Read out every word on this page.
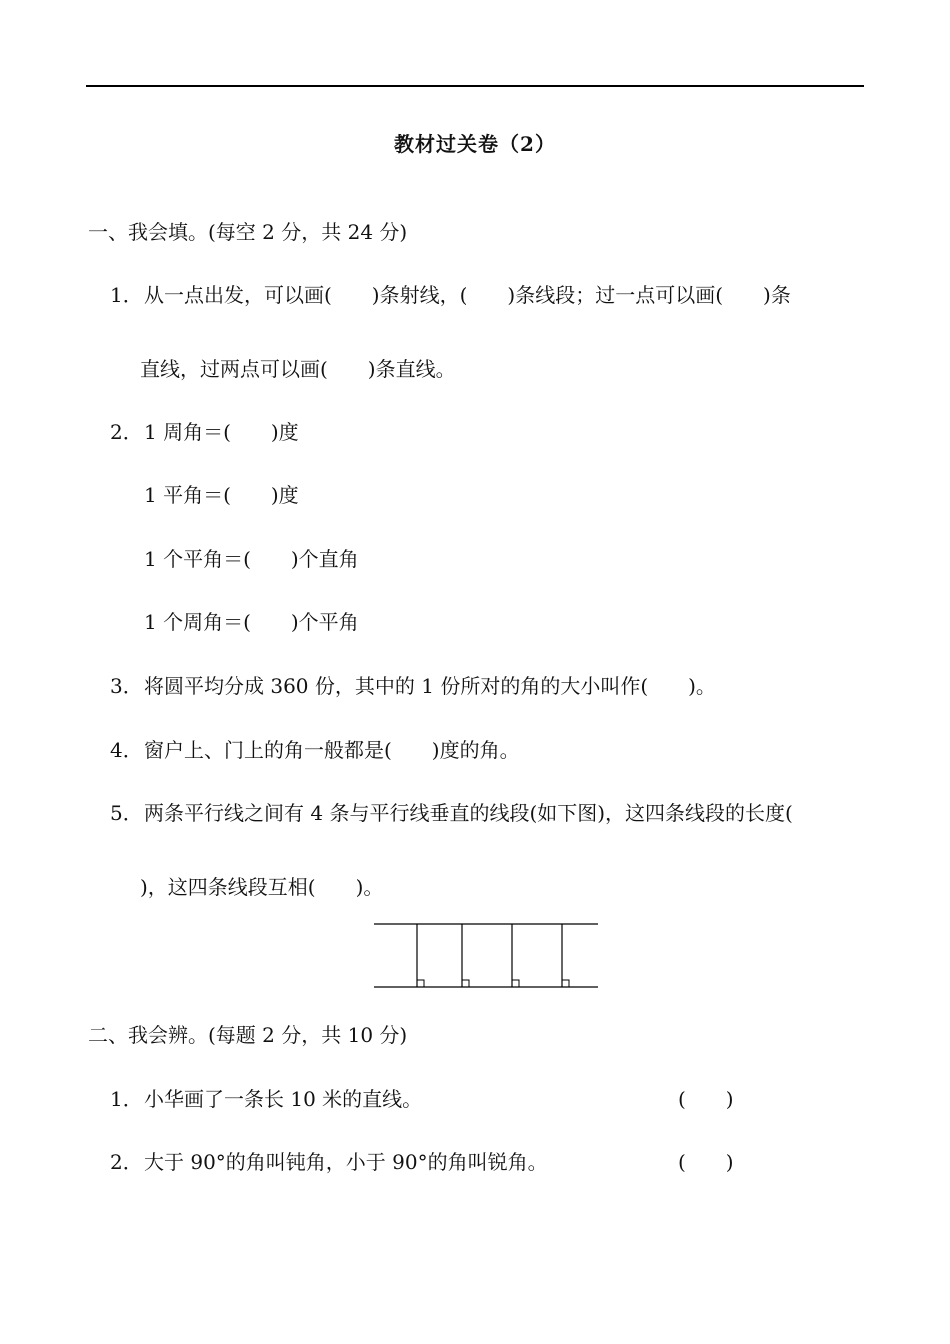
教材过关卷（2）
一、我会填。(每空 2 分，共 24 分)
1．从一点出发，可以画(　　)条射线，(　　)条线段；过一点可以画(　　)条
直线，过两点可以画(　　)条直线。
2．1 周角＝(　　)度
1 平角＝(　　)度
1 个平角＝(　　)个直角
1 个周角＝(　　)个平角
3．将圆平均分成 360 份，其中的 1 份所对的角的大小叫作(　　)。
4．窗户上、门上的角一般都是(　　)度的角。
5．两条平行线之间有 4 条与平行线垂直的线段(如下图)，这四条线段的长度(
)，这四条线段互相(　　)。
二、我会辨。(每题 2 分，共 10 分)
1．小华画了一条长 10 米的直线。	(　　)
2．大于 90°的角叫钝角，小于 90°的角叫锐角。	(　　)
